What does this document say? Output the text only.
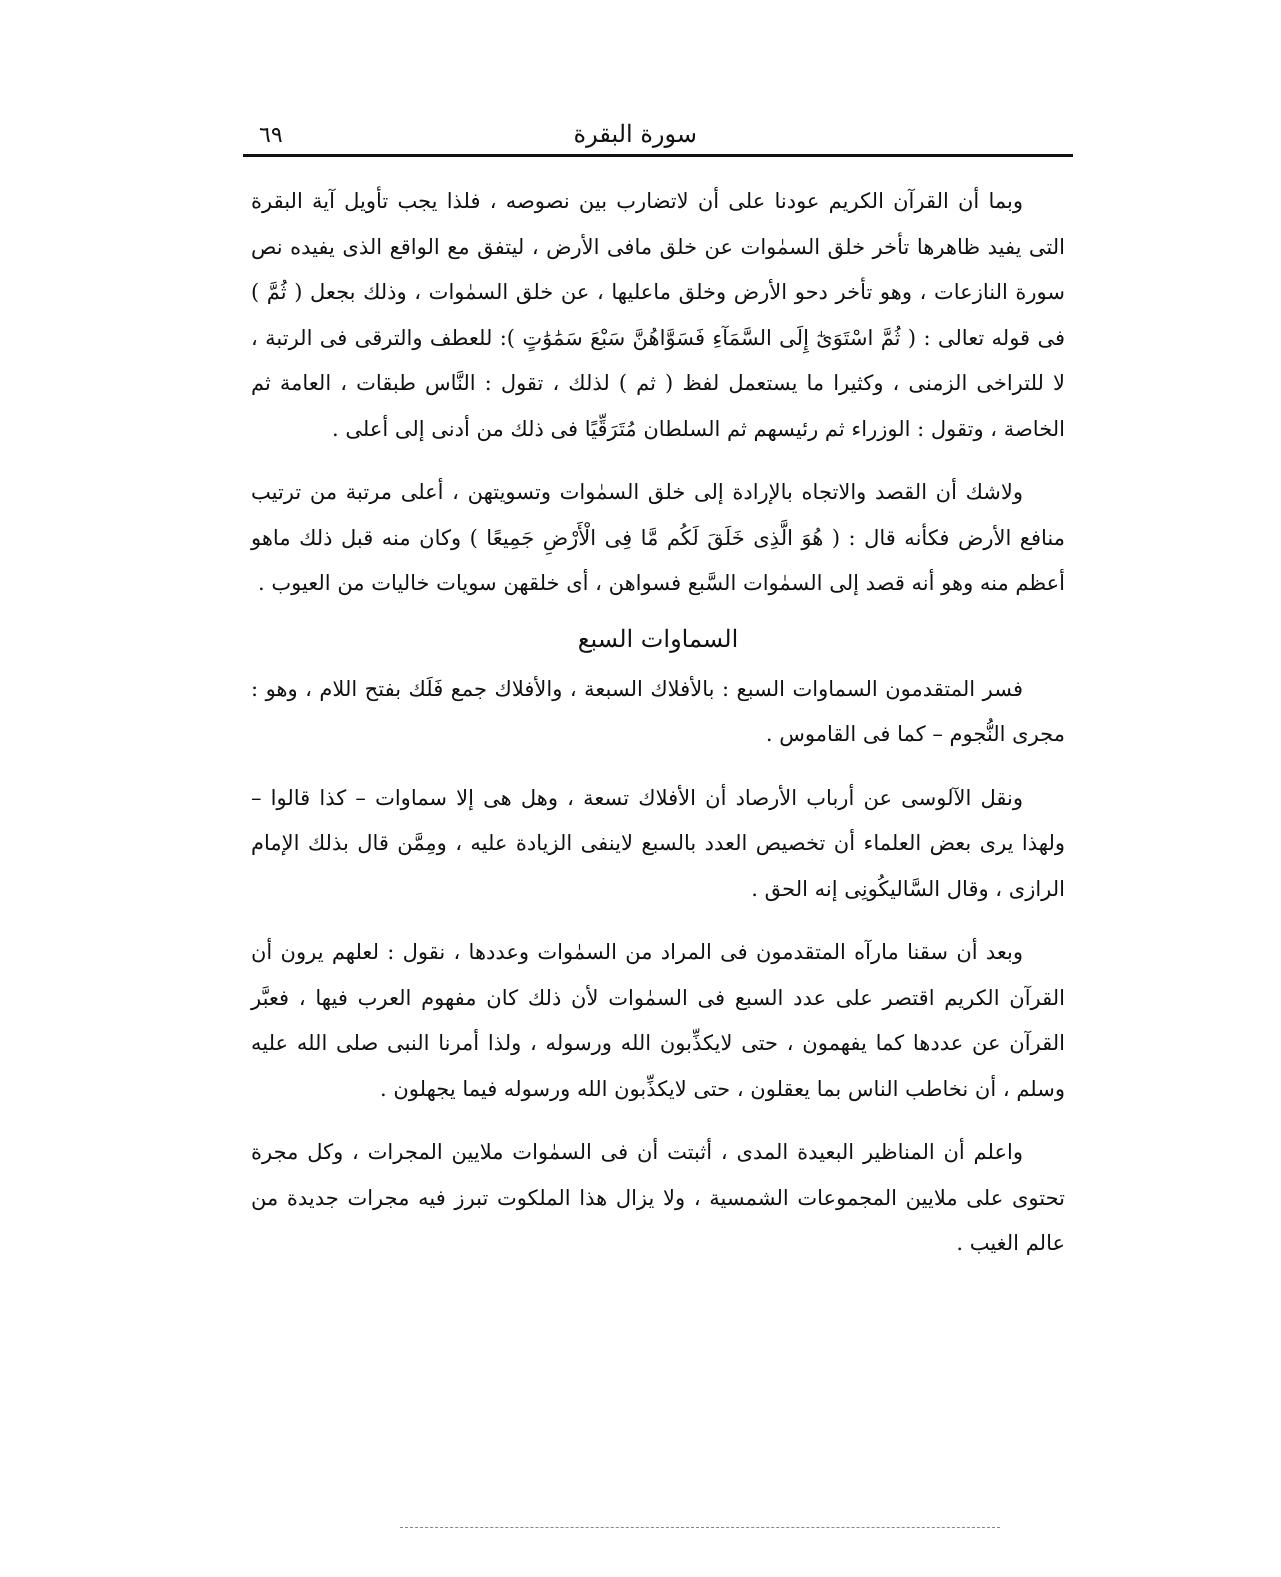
سورة البقرة
٦٩

وبما أن القرآن الكريم عودنا على أن لاتضارب بين نصوصه ، فلذا يجب تأويل آية البقرة التى يفيد ظاهرها تأخر خلق السمٰوات عن خلق مافى الأرض ، ليتفق مع الواقع الذى يفيده نص سورة النازعات ، وهو تأخر دحو الأرض وخلق ماعليها ، عن خلق السمٰوات ، وذلك بجعل ( ثُمَّ ) فى قوله تعالى : ( ثُمَّ اسْتَوَىٰٓ إِلَى السَّمَآءِ فَسَوَّاهُنَّ سَبْعَ سَمَٰوَٰتٍ ): للعطف والترقى فى الرتبة ، لا للتراخى الزمنى ، وكثيرا ما يستعمل لفظ ( ثم ) لذلك ، تقول : النَّاس طبقات ، العامة ثم الخاصة ، وتقول : الوزراء ثم رئيسهم ثم السلطان مُتَرَقِّيًا فى ذلك من أدنى إلى أعلى .

ولاشك أن القصد والاتجاه بالإرادة إلى خلق السمٰوات وتسويتهن ، أعلى مرتبة من ترتيب منافع الأرض فكأنه قال : ( هُوَ الَّذِى خَلَقَ لَكُم مَّا فِى الْأَرْضِ جَمِيعًا ) وكان منه قبل ذلك ماهو أعظم منه وهو أنه قصد إلى السمٰوات السَّبع فسواهن ، أى خلقهن سويات خاليات من العيوب .

السماوات السبع

فسر المتقدمون السماوات السبع : بالأفلاك السبعة ، والأفلاك جمع فَلَك بفتح اللام ، وهو : مجرى النُّجوم – كما فى القاموس .

ونقل الآلوسى عن أرباب الأرصاد أن الأفلاك تسعة ، وهل هى إلا سماوات – كذا قالوا – ولهذا يرى بعض العلماء أن تخصيص العدد بالسبع لاينفى الزيادة عليه ، ومِمَّن قال بذلك الإمام الرازى ، وقال السَّاليكُونِى إنه الحق .

وبعد أن سقنا مارآه المتقدمون فى المراد من السمٰوات وعددها ، نقول : لعلهم يرون أن القرآن الكريم اقتصر على عدد السبع فى السمٰوات لأن ذلك كان مفهوم العرب فيها ، فعبَّر القرآن عن عددها كما يفهمون ، حتى لايكذِّبون الله ورسوله ، ولذا أمرنا النبى صلى الله عليه وسلم ، أن نخاطب الناس بما يعقلون ، حتى لايكذِّبون الله ورسوله فيما يجهلون .

واعلم أن المناظير البعيدة المدى ، أثبتت أن فى السمٰوات ملايين المجرات ، وكل مجرة تحتوى على ملايين المجموعات الشمسية ، ولا يزال هذا الملكوت تبرز فيه مجرات جديدة من عالم الغيب .
